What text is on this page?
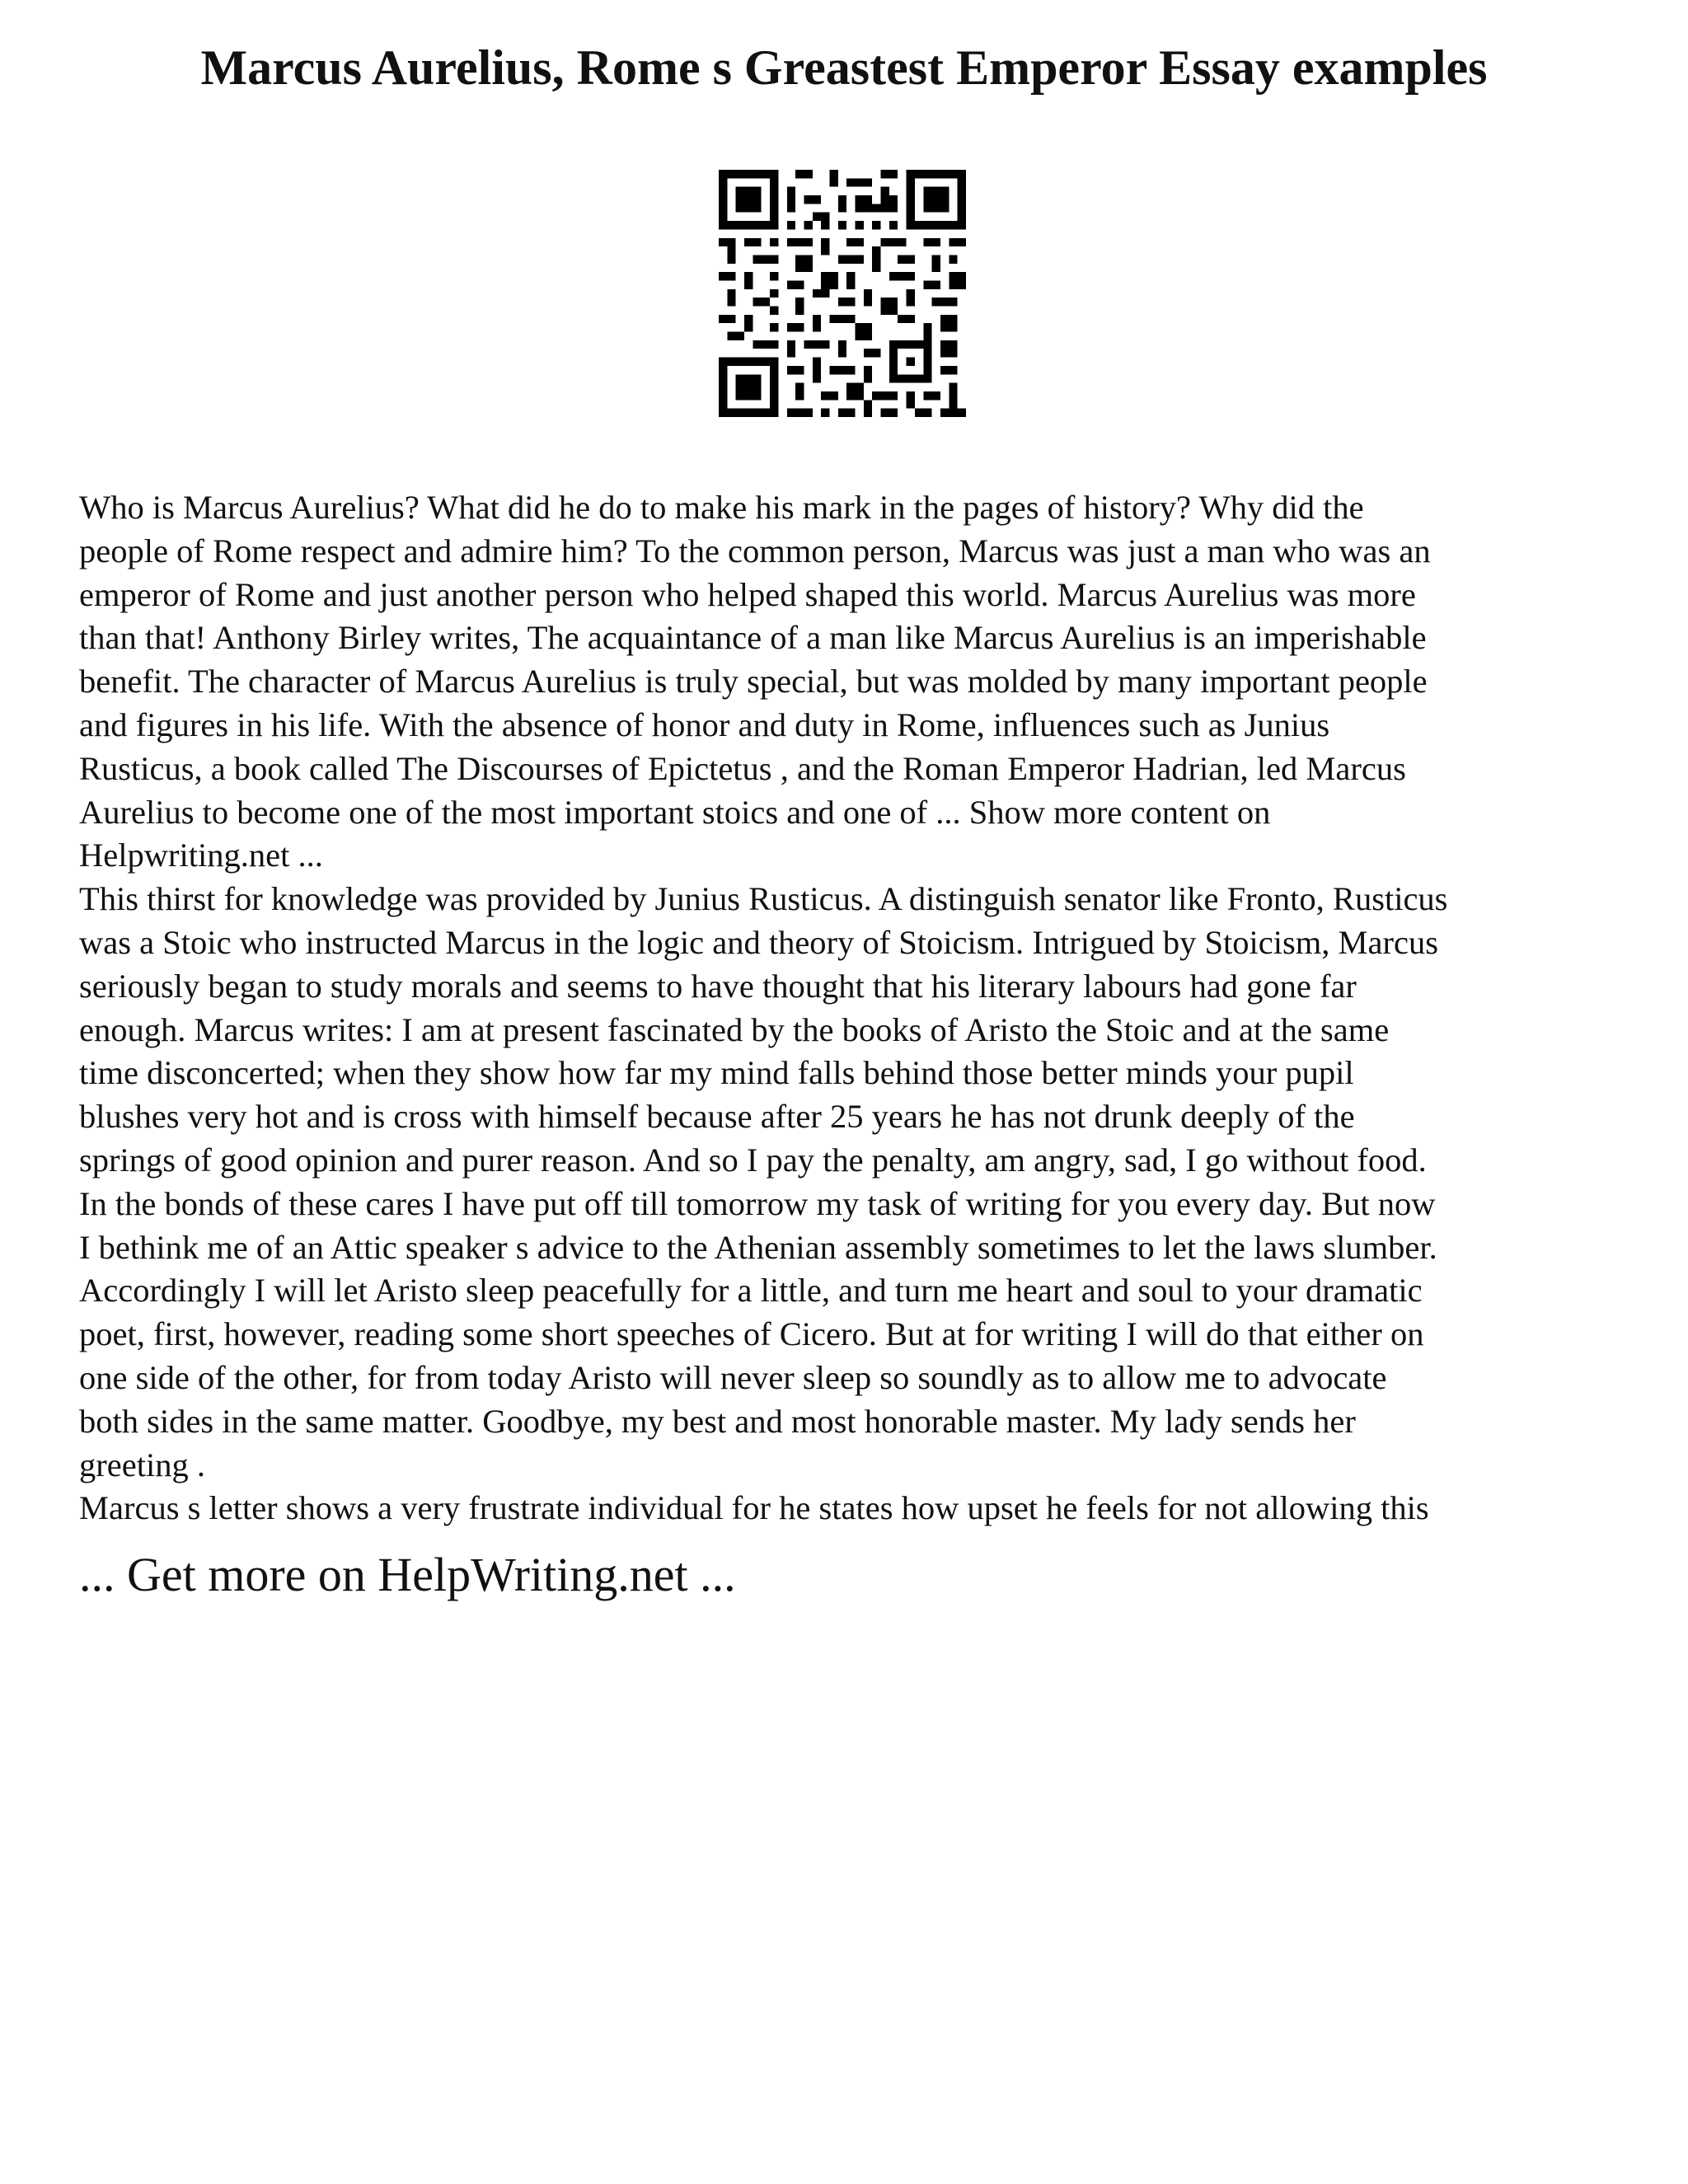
Marcus Aurelius, Rome s Greastest Emperor Essay examples

Who is Marcus Aurelius? What did he do to make his mark in the pages of history? Why did the
people of Rome respect and admire him? To the common person, Marcus was just a man who was an
emperor of Rome and just another person who helped shaped this world. Marcus Aurelius was more
than that! Anthony Birley writes, The acquaintance of a man like Marcus Aurelius is an imperishable
benefit. The character of Marcus Aurelius is truly special, but was molded by many important people
and figures in his life. With the absence of honor and duty in Rome, influences such as Junius
Rusticus, a book called The Discourses of Epictetus , and the Roman Emperor Hadrian, led Marcus
Aurelius to become one of the most important stoics and one of ... Show more content on
Helpwriting.net ...

This thirst for knowledge was provided by Junius Rusticus. A distinguish senator like Fronto, Rusticus
was a Stoic who instructed Marcus in the logic and theory of Stoicism. Intrigued by Stoicism, Marcus
seriously began to study morals and seems to have thought that his literary labours had gone far
enough. Marcus writes: I am at present fascinated by the books of Aristo the Stoic and at the same
time disconcerted; when they show how far my mind falls behind those better minds your pupil
blushes very hot and is cross with himself because after 25 years he has not drunk deeply of the
springs of good opinion and purer reason. And so I pay the penalty, am angry, sad, I go without food.
In the bonds of these cares I have put off till tomorrow my task of writing for you every day. But now
I bethink me of an Attic speaker s advice to the Athenian assembly sometimes to let the laws slumber.
Accordingly I will let Aristo sleep peacefully for a little, and turn me heart and soul to your dramatic
poet, first, however, reading some short speeches of Cicero. But at for writing I will do that either on
one side of the other, for from today Aristo will never sleep so soundly as to allow me to advocate
both sides in the same matter. Goodbye, my best and most honorable master. My lady sends her
greeting .

Marcus s letter shows a very frustrate individual for he states how upset he feels for not allowing this

... Get more on HelpWriting.net ...
